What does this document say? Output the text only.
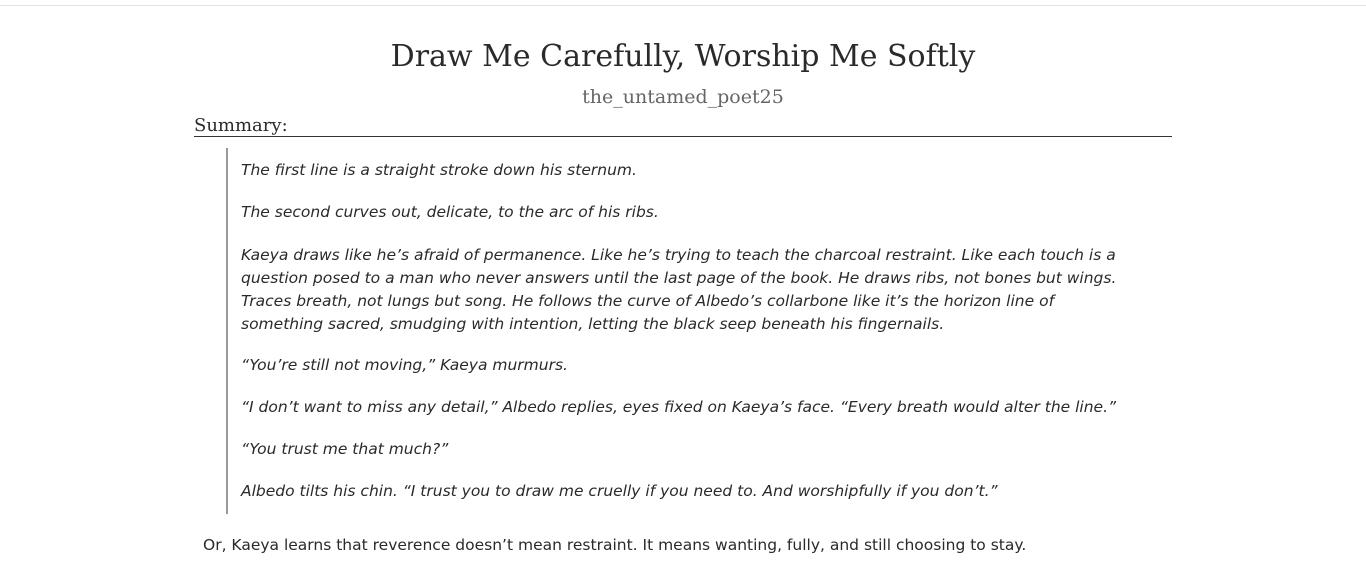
Draw Me Carefully, Worship Me Softly
the_untamed_poet25
Summary:

The first line is a straight stroke down his sternum.

The second curves out, delicate, to the arc of his ribs.

Kaeya draws like he’s afraid of permanence. Like he’s trying to teach the charcoal restraint. Like each touch is a question posed to a man who never answers until the last page of the book. He draws ribs, not bones but wings. Traces breath, not lungs but song. He follows the curve of Albedo’s collarbone like it’s the horizon line of something sacred, smudging with intention, letting the black seep beneath his fingernails.

“You’re still not moving,” Kaeya murmurs.

“I don’t want to miss any detail,” Albedo replies, eyes fixed on Kaeya’s face. “Every breath would alter the line.”

“You trust me that much?”

Albedo tilts his chin. “I trust you to draw me cruelly if you need to. And worshipfully if you don’t.”

Or, Kaeya learns that reverence doesn’t mean restraint. It means wanting, fully, and still choosing to stay.
